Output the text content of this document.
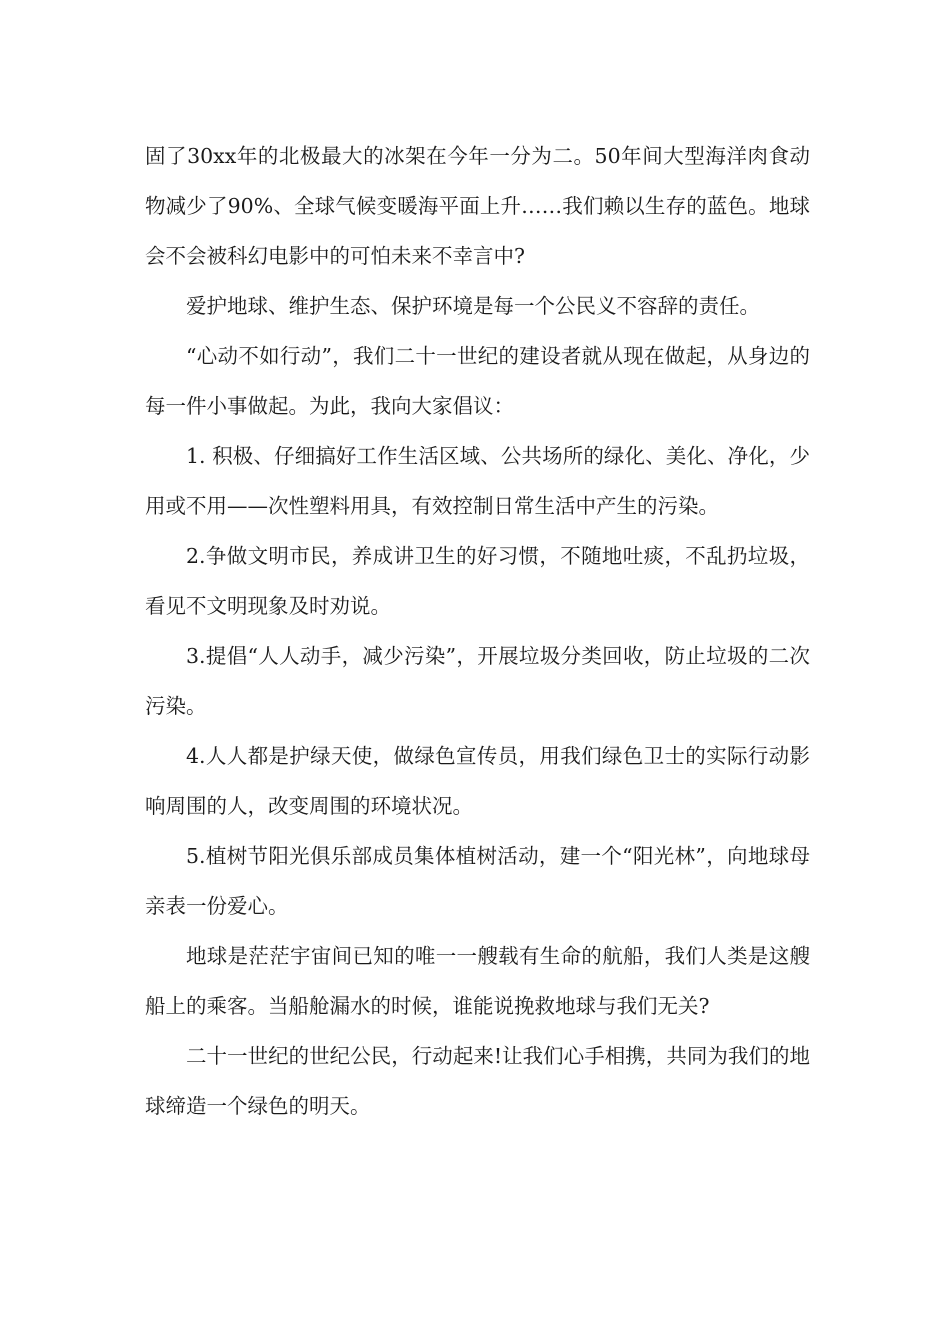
固了30xx年的北极最大的冰架在今年一分为二。50年间大型海洋肉食动物减少了90%、全球气候变暖海平面上升……我们赖以生存的蓝色。地球会不会被科幻电影中的可怕未来不幸言中?

爱护地球、维护生态、保护环境是每一个公民义不容辞的责任。

“心动不如行动”，我们二十一世纪的建设者就从现在做起，从身边的每一件小事做起。为此，我向大家倡议：

1. 积极、仔细搞好工作生活区域、公共场所的绿化、美化、净化，少用或不用——次性塑料用具，有效控制日常生活中产生的污染。

2.争做文明市民，养成讲卫生的好习惯，不随地吐痰，不乱扔垃圾，看见不文明现象及时劝说。

3.提倡“人人动手，减少污染”，开展垃圾分类回收，防止垃圾的二次污染。

4.人人都是护绿天使，做绿色宣传员，用我们绿色卫士的实际行动影响周围的人，改变周围的环境状况。

5.植树节阳光俱乐部成员集体植树活动，建一个“阳光林”，向地球母亲表一份爱心。

地球是茫茫宇宙间已知的唯一一艘载有生命的航船，我们人类是这艘船上的乘客。当船舱漏水的时候，谁能说挽救地球与我们无关?

二十一世纪的世纪公民，行动起来!让我们心手相携，共同为我们的地球缔造一个绿色的明天。
